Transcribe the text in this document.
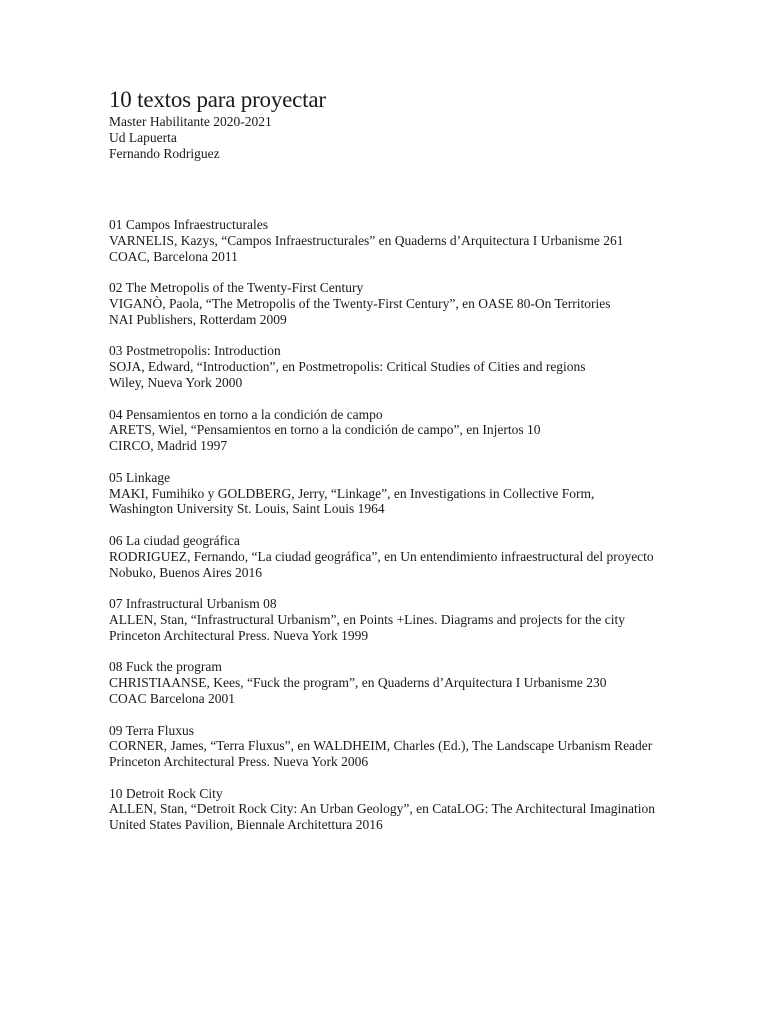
10 textos para proyectar

Master Habilitante 2020-2021

Ud Lapuerta

Fernando Rodriguez

01 Campos Infraestructurales

VARNELIS, Kazys, “Campos Infraestructurales” en Quaderns d’Arquitectura I Urbanisme 261

COAC, Barcelona 2011

02 The Metropolis of the Twenty-First Century

VIGANÒ, Paola, “The Metropolis of the Twenty-First Century”, en OASE 80-On Territories

NAI Publishers, Rotterdam 2009

03 Postmetropolis: Introduction

SOJA, Edward, “Introduction”, en Postmetropolis: Critical Studies of Cities and regions

Wiley, Nueva York 2000

04 Pensamientos en torno a la condición de campo

ARETS, Wiel, “Pensamientos en torno a la condición de campo”, en Injertos 10

CIRCO, Madrid 1997

05 Linkage

MAKI, Fumihiko y GOLDBERG, Jerry, “Linkage”, en Investigations in Collective Form,

Washington University St. Louis, Saint Louis 1964

06 La ciudad geográfica

RODRIGUEZ, Fernando, “La ciudad geográfica”, en Un entendimiento infraestructural del proyecto

Nobuko, Buenos Aires 2016

07 Infrastructural Urbanism 08

ALLEN, Stan, “Infrastructural Urbanism”, en Points +Lines. Diagrams and projects for the city

Princeton Architectural Press. Nueva York 1999

08 Fuck the program

CHRISTIAANSE, Kees, “Fuck the program”, en Quaderns d’Arquitectura I Urbanisme 230

COAC Barcelona 2001

09 Terra Fluxus

CORNER, James, “Terra Fluxus”, en WALDHEIM, Charles (Ed.), The Landscape Urbanism Reader

Princeton Architectural Press. Nueva York 2006

10 Detroit Rock City

ALLEN, Stan, “Detroit Rock City: An Urban Geology”, en CataLOG: The Architectural Imagination

United States Pavilion, Biennale Architettura 2016
